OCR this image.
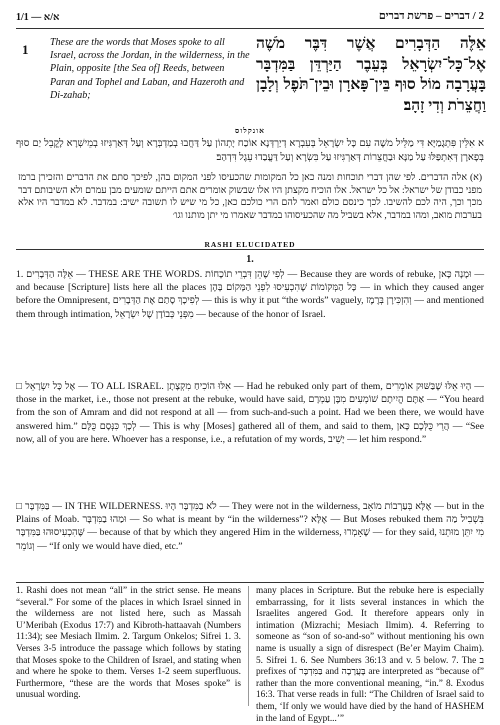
1/1 — א/א	2 / דברים – פרשת דברים
1 These are the words that Moses spoke to all Israel, across the Jordan, in the wilderness, in the Plain, opposite [the Sea of] Reeds, between Paran and Tophel and Laban, and Hazeroth and Di-zahab;
אֵלֶּה הַדְּבָרִים אֲשֶׁר דִּבֶּר מֹשֶׁה אֶל־כָּל־יִשְׂרָאֵל בְּעֵבֶר הַיַּרְדֵּן בַּמִּדְבָּר בָּעֲרָבָה מוֹל סוּף בֵּין־פָּארָן וּבֵין־תֹּפֶל וְלָבָן וַחֲצֵרֹת וְדִי זָהָב׃
אונקלוס
א אִלֵּין פִּתְגָמַיָּא דִּי מַלֵּיל משֶׁה עִם כָּל יִשְׂרָאֵל בְּעִבְרָא דְיַרְדְּנָא אוֹכַח יָתְהוֹן עַל דַּחֲבוּ בְמַדְבְּרָא וְעַל דְּאַרְגִּיזוּ בְמֵישְׁרָא לָקֳבֵל יַם סוּף בְּפָארָן דְּאִתְפַּלּוּ עַל מַנָּא וּבַחֲצֵרוֹת דְּאַרְגִּיזוּ עַל בִּשְׂרָא וְעַל דַּעֲבַדוּ עֵגֶל דִּדְהַב׃
(א) אלה הדברים. לפי שהן דברי תוכחות ומנה כאן כל המקומות שהכעיסו לפני המקום בהן, לפיכך סתם את הדברים והזכירן ברמז מפני כבודן של ישראל: אל כל ישראל. אלו הוכיח מקצתן היו אלו שבשוק אומרים אתם הייתם שומעים מבן עמרם ולא השיבותם דבר מכך וכך, היה לכם להשיבו. לכך כינסם כולם ואמר להם הרי כולכם כאן, כל מי שיש לו תשובה ישיב: במדבר. לא במדבר היו אלא בערבות מואב, ומהו במדבר, אלא בשביל מה שהכעיסוהו במדבר שאמרו מי יתן מותנו וגו׳
RASHI ELUCIDATED
1.
1. אֵלֶּה הַדְּבָרִים — THESE ARE THE WORDS. לְפִי שֶׁהֵן דִּבְרֵי תוֹכָחוֹת — Because they are words of rebuke, וּמָנָה כָּאן — and because [Scripture] lists here all the places כָּל הַמְּקוֹמוֹת שֶׁהִכְעִיסוּ לִפְנֵי הַמָּקוֹם בָּהֶן — in which they caused anger before the Omnipresent, לְפִיכָךְ סָתַם אֶת הַדְּבָרִים — this is why it put “the words” vaguely, וְהִזְכִּירָן בְּרֶמֶז — and mentioned them through intimation, מִפְּנֵי כְּבוֹדָן שֶׁל יִשְׂרָאֵל — because of the honor of Israel.
□ אֶל כָּל יִשְׂרָאֵל — TO ALL ISRAEL. אִלּוּ הוֹכִיחַ מִקְצָתָן — Had he rebuked only part of them, הָיוּ אֵלּוּ שֶׁבַּשּׁוּק אוֹמְרִים — those in the market, i.e., those not present at the rebuke, would have said, אַתֶּם הֱיִיתֶם שׁוֹמְעִים מִבֶּן עַמְרָם — “You heard from the son of Amram and did not respond at all — from such-and-such a point. Had we been there, we would have answered him.” לְכָךְ כִּנְּסָם כֻּלָּם — This is why [Moses] gathered all of them, and said to them, הֲרֵי כֻּלְּכֶם כָּאן — “See now, all of you are here. Whoever has a response, i.e., a refutation of my words, יָשִׁיב — let him respond.”
□ בַּמִּדְבָּר — IN THE WILDERNESS. לֹא בַמִּדְבָּר הָיוּ — They were not in the wilderness, אֶלָּא בְּעַרְבוֹת מוֹאָב — but in the Plains of Moab. וּמַהוּ בַמִּדְבָּר — So what is meant by “in the wilderness”? אֶלָּא — But Moses rebuked them בִּשְׁבִיל מַה שֶּׁהִכְעִיסוּהוּ בַּמִּדְבָּר — because of that by which they angered Him in the wilderness, שֶׁאָמְרוּ — for they said, מִי יִתֵּן מוּתֵנוּ וְגוֹמֵר — “If only we would have died, etc.”
1. Rashi does not mean “all” in the strict sense. He means “several.” For some of the places in which Israel sinned in the wilderness are not listed here, such as Massah U’Meribah (Exodus 17:7) and Kibroth-hattaavah (Numbers 11:34); see Mesiach Ilmim. 2. Targum Onkelos; Sifrei 1. 3. Verses 3-5 introduce the passage which follows by stating that Moses spoke to the Children of Israel, and stating when and where he spoke to them. Verses 1-2 seem superfluous. Furthermore, “these are the words that Moses spoke” is unusual wording.
many places in Scripture. But the rebuke here is especially embarrassing, for it lists several instances in which the Israelites angered God. It therefore appears only in intimation (Mizrachi; Mesiach Ilmim). 4. Referring to someone as “son of so-and-so” without mentioning his own name is usually a sign of disrespect (Be’er Mayim Chaim). 5. Sifrei 1. 6. See Numbers 36:13 and v. 5 below. 7. The ב prefixes of בַּמִּדְבָּר and בָּעֲרָבָה are interpreted as “because of” rather than the more conventional meaning, “in.” 8. Exodus 16:3. That verse reads in full: “The Children of Israel said to them, ‘If only we would have died by the hand of HASHEM in the land of Egypt...’”
